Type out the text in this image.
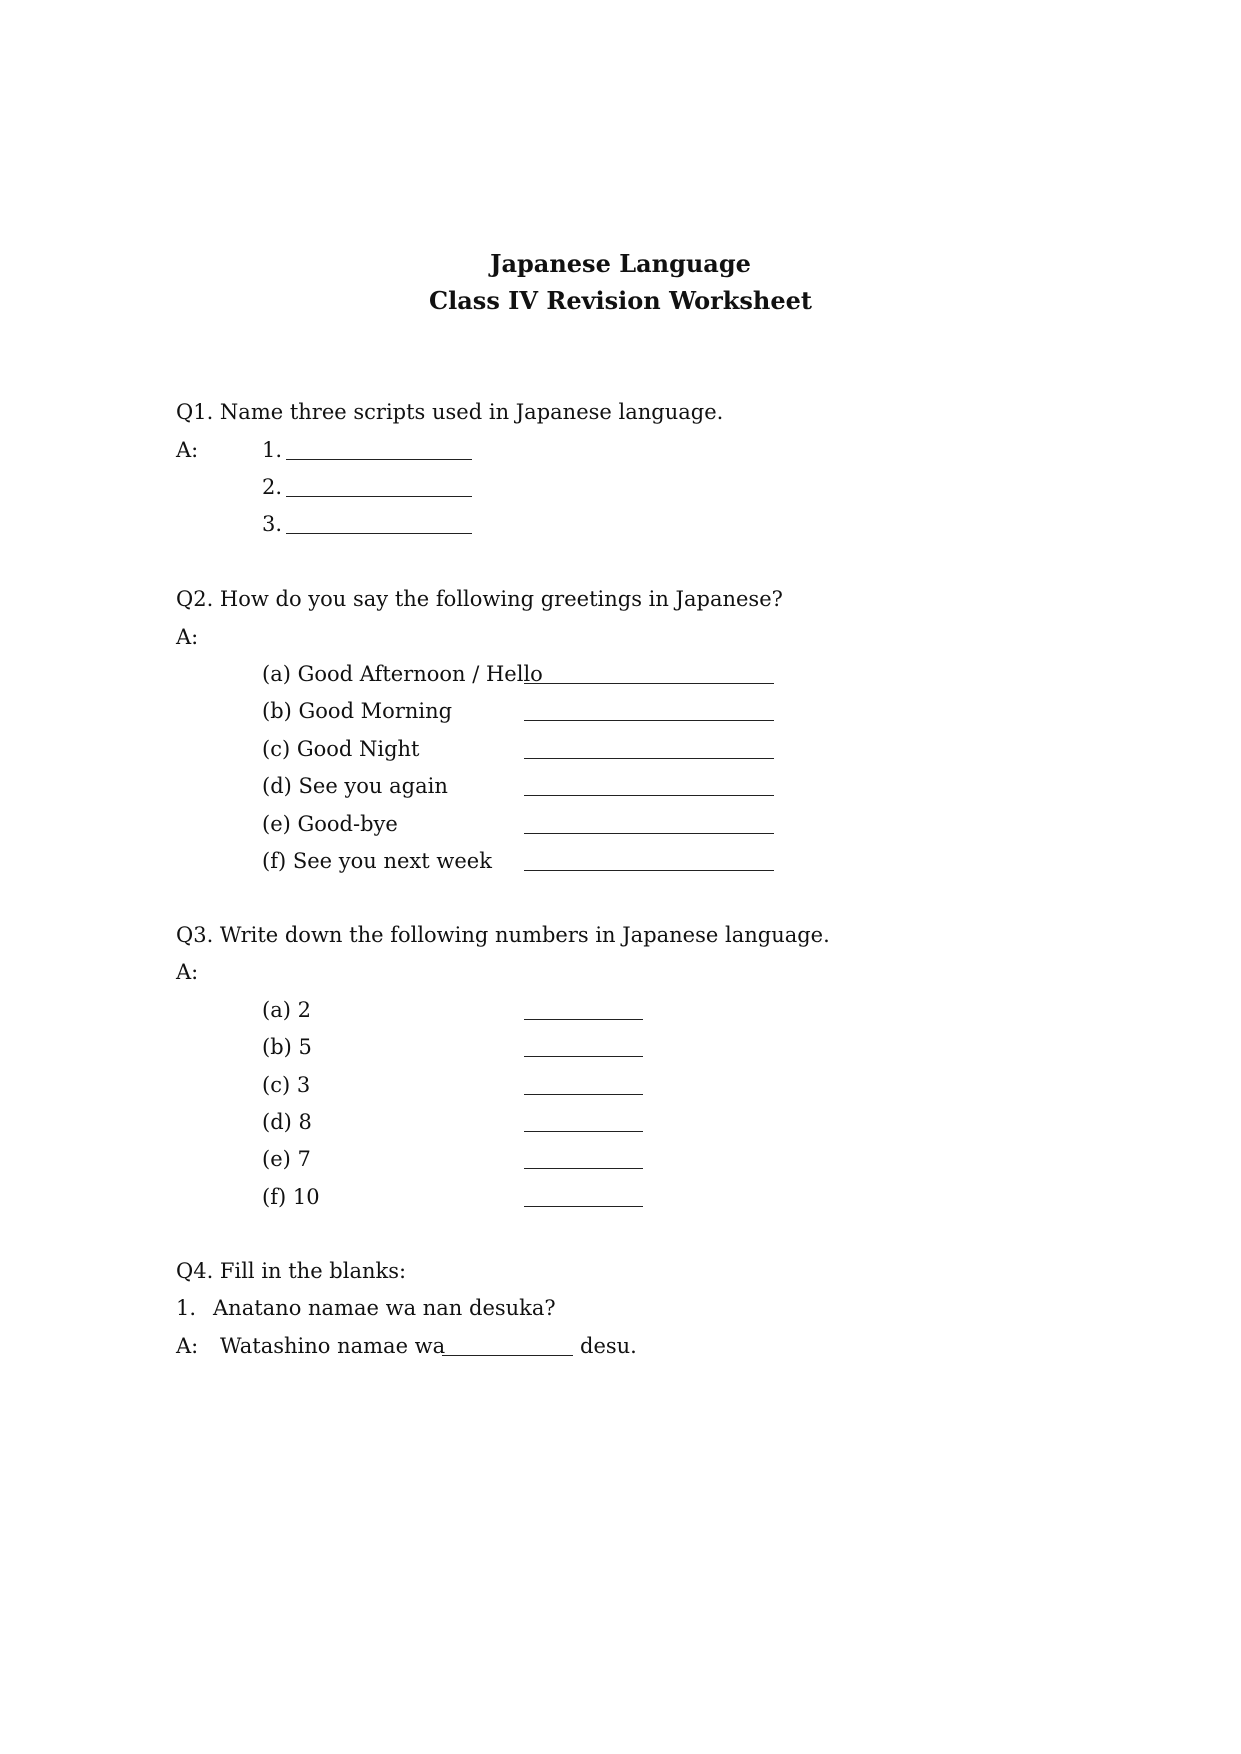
Japanese Language
Class IV Revision Worksheet
Q1. Name three scripts used in Japanese language.
A:	1.
2.
3.
Q2. How do you say the following greetings in Japanese?
A:
(a) Good Afternoon / Hello
(b) Good Morning
(c) Good Night
(d) See you again
(e) Good-bye
(f) See you next week
Q3. Write down the following numbers in Japanese language.
A:
(a) 2
(b) 5
(c) 3
(d) 8
(e) 7
(f) 10
Q4. Fill in the blanks:
1. Anatano namae wa nan desuka?
A: Watashino namae wa	desu.
